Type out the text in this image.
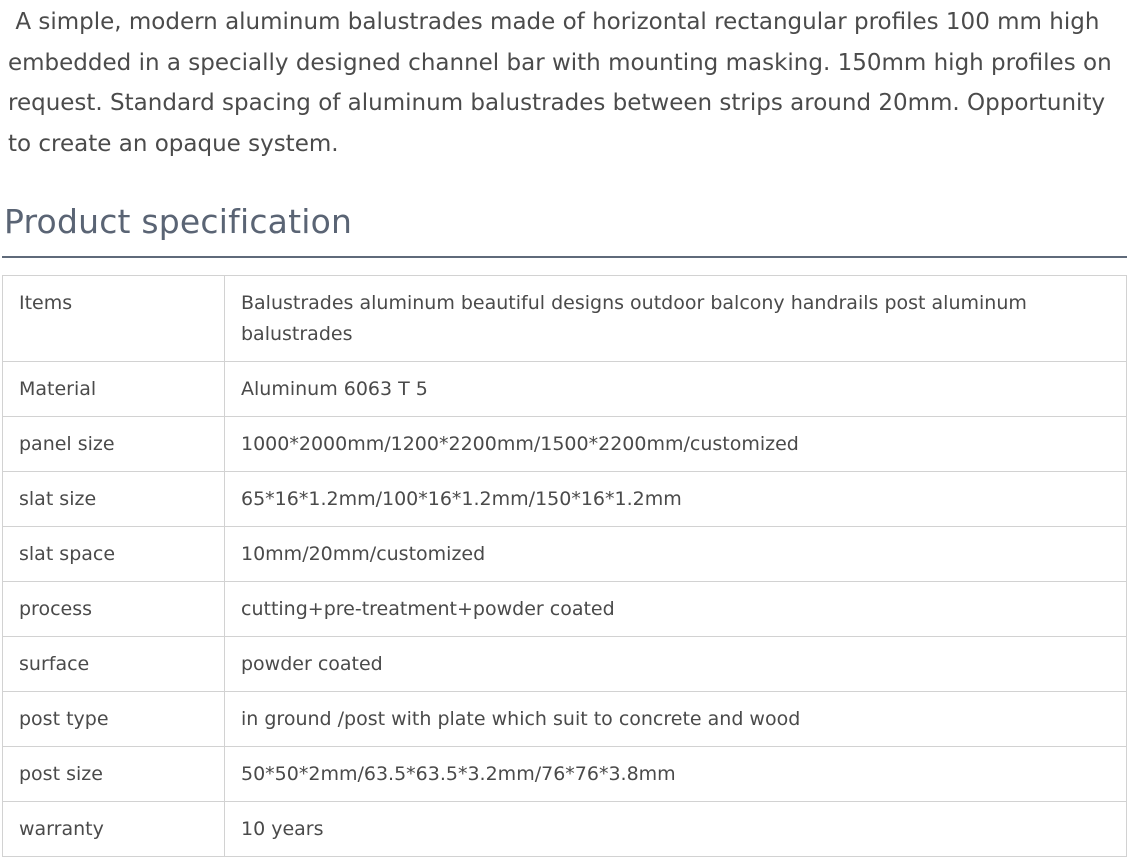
A simple, modern aluminum balustrades made of horizontal rectangular profiles 100 mm high embedded in a specially designed channel bar with mounting masking. 150mm high profiles on request. Standard spacing of aluminum balustrades between strips around 20mm. Opportunity to create an opaque system.

Product specification
Items	Balustrades aluminum beautiful designs outdoor balcony handrails post aluminum balustrades
Material	Aluminum 6063 T 5
panel size	1000*2000mm/1200*2200mm/1500*2200mm/customized
slat size	65*16*1.2mm/100*16*1.2mm/150*16*1.2mm
slat space	10mm/20mm/customized
process	cutting+pre-treatment+powder coated
surface	powder coated
post type	in ground /post with plate which suit to concrete and wood
post size	50*50*2mm/63.5*63.5*3.2mm/76*76*3.8mm
warranty	10 years
